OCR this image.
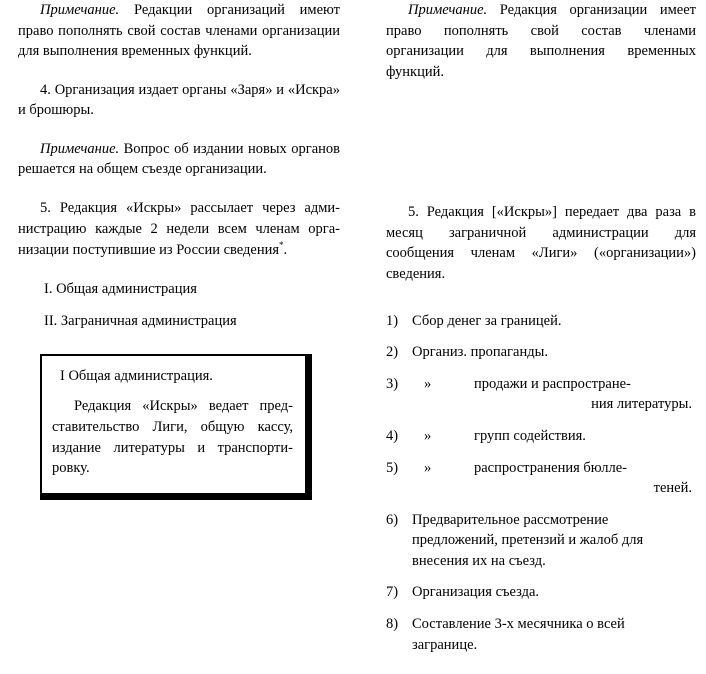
Примечание. Редакции организаций имеют право пополнять свой состав членами организации для выполнения временных функций.

4. Организация издает органы «Заря» и «Искра» и брошюры.

Примечание. Вопрос об издании новых органов решается на общем съезде организации.

5. Редакция «Искры» рассылает через администрацию каждые 2 недели всем членам организации поступившие из России сведения*.

I. Общая администрация
II. Заграничная администрация

I Общая администрация.

Редакция «Искры» ведает представительство Лиги, общую кассу, издание литературы и транспортировку.

Примечание. Редакция организации имеет право пополнять свой состав членами организации для выполнения временных функций.

5. Редакция [«Искры»] передает два раза в месяц заграничной администрации для сообщения членам «Лиги» («организации») сведения.

1) Сбор денег за границей.
2) Организ. пропаганды.
3)	»	продажи и распростране-
ния литературы.
4)	»	групп содействия.
5)	»	распространения бюлле-
теней.
6) Предварительное рассмотрение
предложений, претензий и жалоб для внесения их на съезд.
7) Организация съезда.
8) Составление 3-х месячника о всей
загранице.
